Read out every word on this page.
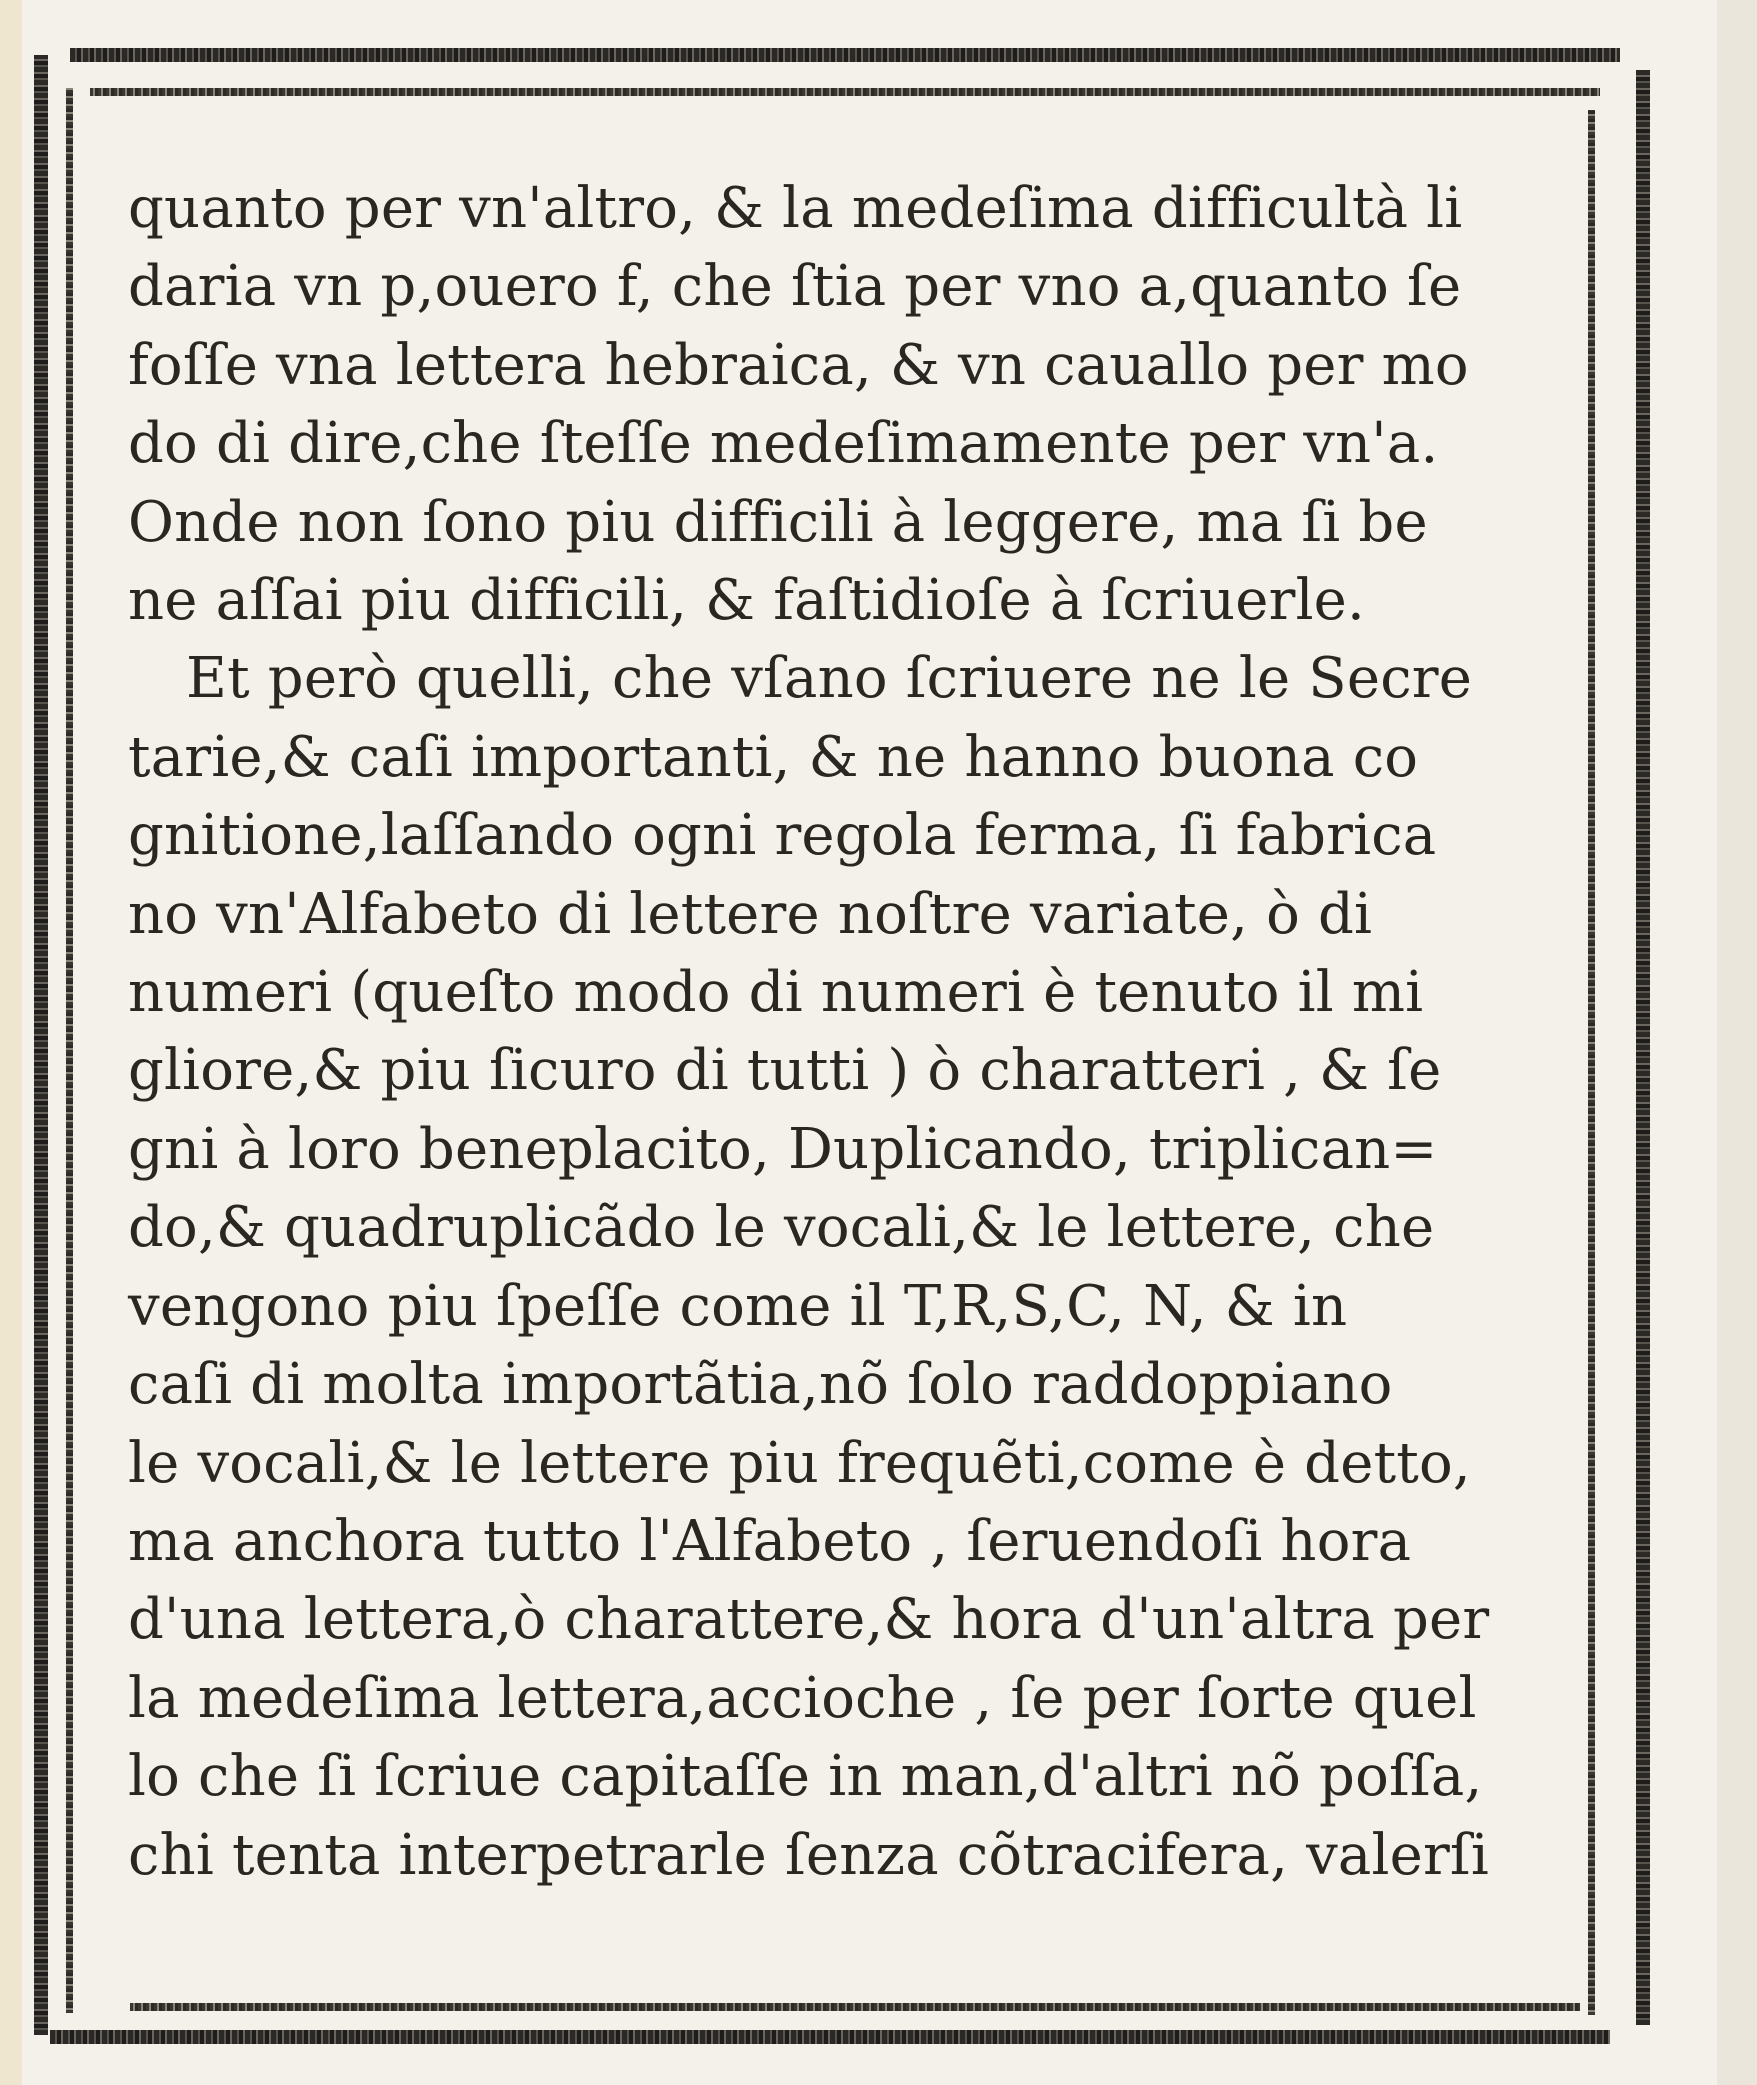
quanto per vn'altro, & la medeſima difficultà li
daria vn p,ouero f, che ſtia per vno a,quanto ſe
foſſe vna lettera hebraica, & vn cauallo per mo
do di dire,che ſteſſe medeſimamente per vn'a.
Onde non ſono piu difficili à leggere, ma ſi be
ne aſſai piu difficili, & faſtidioſe à ſcriuerle.
Et però quelli, che vſano ſcriuere ne le Secre
tarie,& caſi importanti, & ne hanno buona co
gnitione,laſſando ogni regola ferma, ſi fabrica
no vn'Alfabeto di lettere noſtre variate, ò di
numeri (queſto modo di numeri è tenuto il mi
gliore,& piu ſicuro di tutti ) ò charatteri , & ſe
gni à loro beneplacito, Duplicando, triplican=
do,& quadruplicãdo le vocali,& le lettere, che
vengono piu ſpeſſe come il T,R,S,C, N, & in
caſi di molta importãtia,nõ ſolo raddoppiano
le vocali,& le lettere piu frequẽti,come è detto,
ma anchora tutto l'Alfabeto , ſeruendoſi hora
d'una lettera,ò charattere,& hora d'un'altra per
la medeſima lettera,accioche , ſe per ſorte quel
lo che ſi ſcriue capitaſſe in man,d'altri nõ poſſa,
chi tenta interpetrarle ſenza cõtracifera, valerſi
